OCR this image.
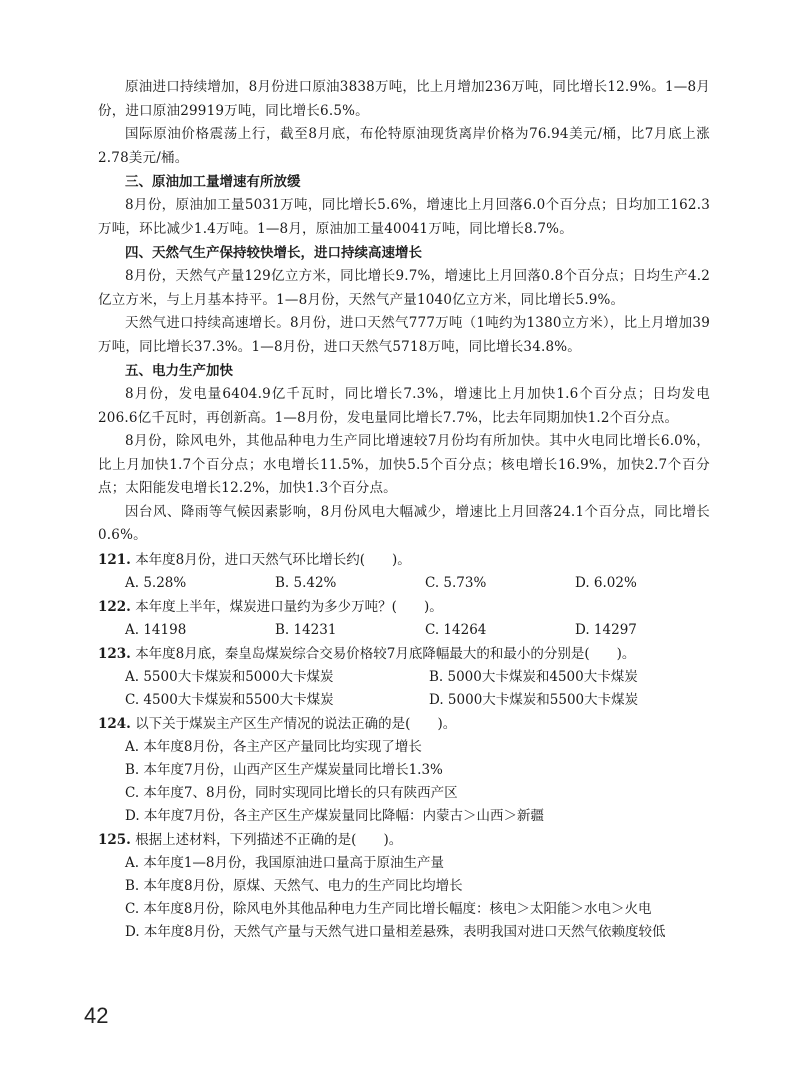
原油进口持续增加，8月份进口原油3838万吨，比上月增加236万吨，同比增长12.9%。1—8月份，进口原油29919万吨，同比增长6.5%。

国际原油价格震荡上行，截至8月底，布伦特原油现货离岸价格为76.94美元/桶，比7月底上涨2.78美元/桶。

三、原油加工量增速有所放缓

8月份，原油加工量5031万吨，同比增长5.6%，增速比上月回落6.0个百分点；日均加工162.3万吨，环比减少1.4万吨。1—8月，原油加工量40041万吨，同比增长8.7%。

四、天然气生产保持较快增长，进口持续高速增长

8月份，天然气产量129亿立方米，同比增长9.7%，增速比上月回落0.8个百分点；日均生产4.2亿立方米，与上月基本持平。1—8月份，天然气产量1040亿立方米，同比增长5.9%。

天然气进口持续高速增长。8月份，进口天然气777万吨（1吨约为1380立方米），比上月增加39万吨，同比增长37.3%。1—8月份，进口天然气5718万吨，同比增长34.8%。

五、电力生产加快

8月份，发电量6404.9亿千瓦时，同比增长7.3%，增速比上月加快1.6个百分点；日均发电206.6亿千瓦时，再创新高。1—8月份，发电量同比增长7.7%，比去年同期加快1.2个百分点。

8月份，除风电外，其他品种电力生产同比增速较7月份均有所加快。其中火电同比增长6.0%，比上月加快1.7个百分点；水电增长11.5%，加快5.5个百分点；核电增长16.9%，加快2.7个百分点；太阳能发电增长12.2%，加快1.3个百分点。

因台风、降雨等气候因素影响，8月份风电大幅减少，增速比上月回落24.1个百分点，同比增长0.6%。

121. 本年度8月份，进口天然气环比增长约(　　)。

A. 5.28%	B. 5.42%	C. 5.73%	D. 6.02%

122. 本年度上半年，煤炭进口量约为多少万吨？(　　)。

A. 14198	B. 14231	C. 14264	D. 14297

123. 本年度8月底，秦皇岛煤炭综合交易价格较7月底降幅最大的和最小的分别是(　　)。

A. 5500大卡煤炭和5000大卡煤炭	B. 5000大卡煤炭和4500大卡煤炭
C. 4500大卡煤炭和5500大卡煤炭	D. 5000大卡煤炭和5500大卡煤炭

124. 以下关于煤炭主产区生产情况的说法正确的是(　　)。

A. 本年度8月份，各主产区产量同比均实现了增长
B. 本年度7月份，山西产区生产煤炭量同比增长1.3%
C. 本年度7、8月份，同时实现同比增长的只有陕西产区
D. 本年度7月份，各主产区生产煤炭量同比降幅：内蒙古＞山西＞新疆

125. 根据上述材料，下列描述不正确的是(　　)。

A. 本年度1—8月份，我国原油进口量高于原油生产量
B. 本年度8月份，原煤、天然气、电力的生产同比均增长
C. 本年度8月份，除风电外其他品种电力生产同比增长幅度：核电＞太阳能＞水电＞火电
D. 本年度8月份，天然气产量与天然气进口量相差悬殊，表明我国对进口天然气依赖度较低
42
